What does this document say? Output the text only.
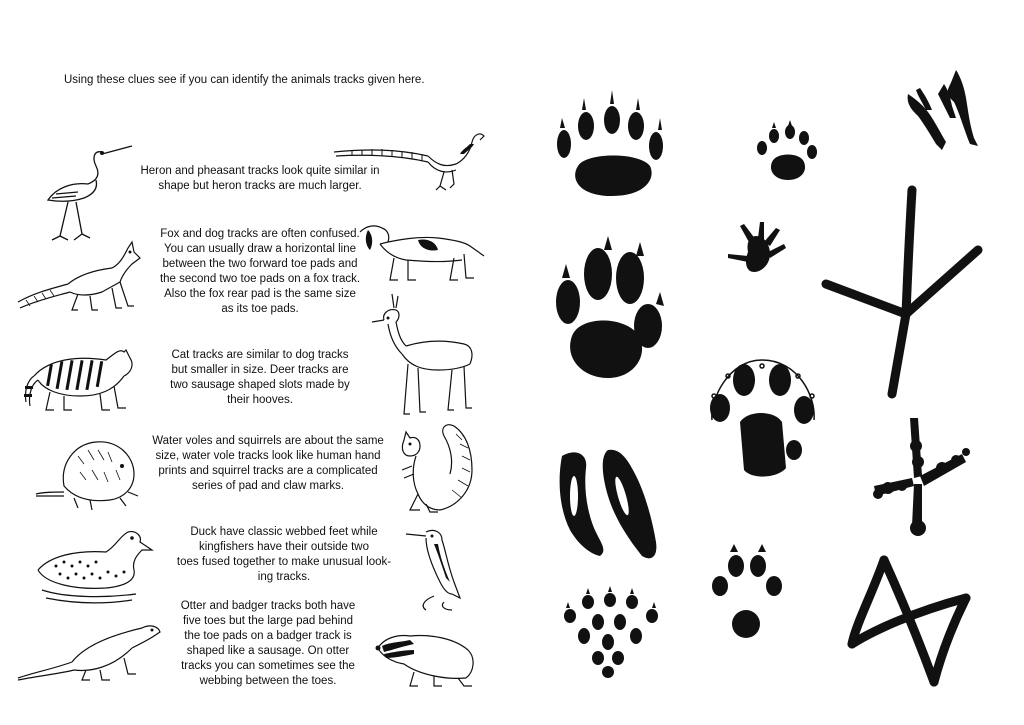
Using these clues see if you can identify the animals tracks given here.
Heron and pheasant tracks look quite similar in
shape but heron tracks are much larger.
Fox and dog tracks are often confused.
You can usually draw a horizontal line
between the two forward toe pads and
the second two toe pads on a fox track.
Also the fox rear pad is the same size
as its toe pads.
Cat tracks are similar to dog tracks
but smaller in size. Deer tracks are
two sausage shaped slots made by
their hooves.
Water voles and squirrels are about the same
size, water vole tracks look like human hand
prints and squirrel tracks are a complicated
series of pad and claw marks.
Duck have classic webbed feet while
kingfishers have their outside two
toes fused together to make unusual look-
ing tracks.
Otter and badger tracks both have
five toes but the large pad behind
the toe pads on a badger track is
shaped like a sausage. On otter
tracks you can sometimes see the
webbing between the toes.
